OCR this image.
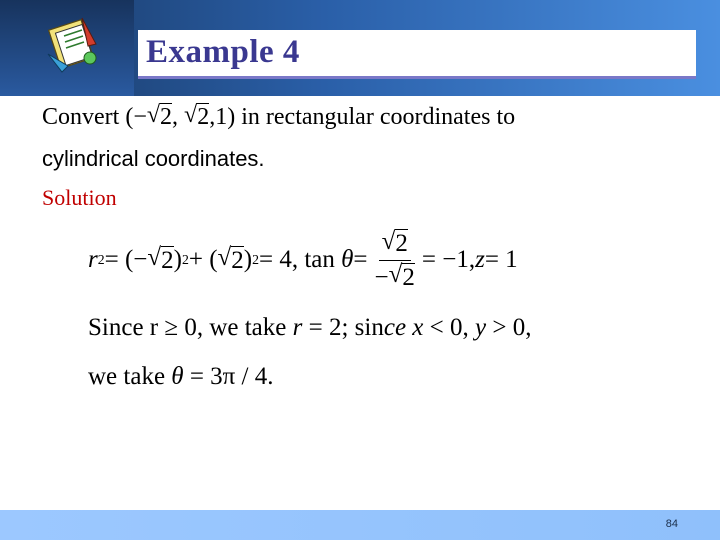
Example 4
Convert (− √ 2, √ 2,1) in rectangular coordinates to
cylindrical coordinates.
Solution
r 2 = (− √ 2 ) 2 + ( √ 2 ) 2 = 4, tan
θ = √ $\frac{2}{- √ 2} = -1$, z = 1
Since r ≥ 0, we take r = 2; since x < 0, y > 0,
we take θ = 3π / 4.
84
